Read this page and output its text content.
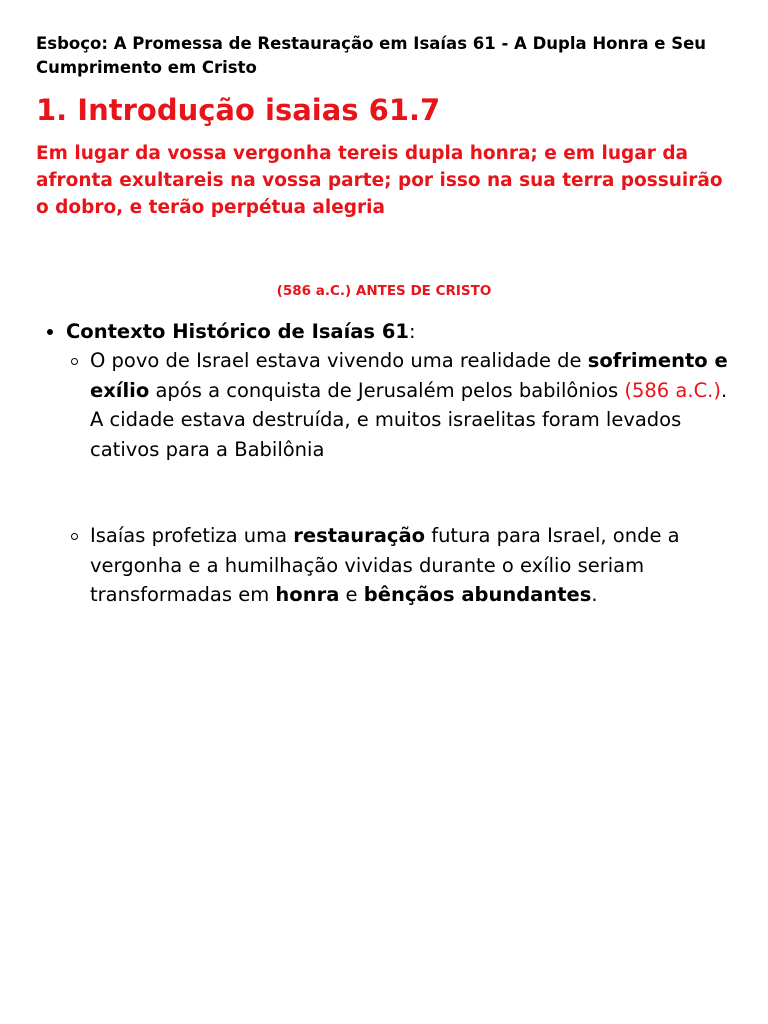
Esboço: A Promessa de Restauração em Isaías 61 - A Dupla Honra e Seu Cumprimento em Cristo

1. Introdução isaias 61.7

Em lugar da vossa vergonha tereis dupla honra; e em lugar da afronta exultareis na vossa parte; por isso na sua terra possuirão o dobro, e terão perpétua alegria

(586 a.C.) ANTES DE CRISTO

Contexto Histórico de Isaías 61:
O povo de Israel estava vivendo uma realidade de sofrimento e exílio após a conquista de Jerusalém pelos babilônios (586 a.C.). A cidade estava destruída, e muitos israelitas foram levados cativos para a Babilônia
Isaías profetiza uma restauração futura para Israel, onde a vergonha e a humilhação vividas durante o exílio seriam transformadas em honra e bênçãos abundantes.
